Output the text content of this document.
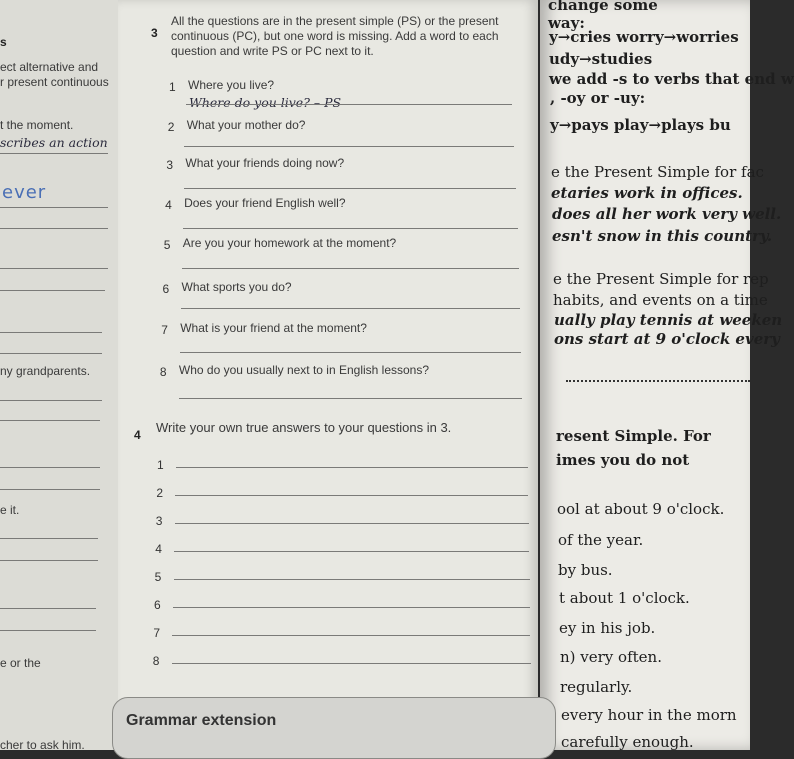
s
ect alternative and
r present continuous
t the moment.
scribes an action
ny grandparents.
e it.
e or the
cher to ask him.
ever
3
All the questions are in the present simple (PS) or the present
continuous (PC), but one word is missing. Add a word to each
question and write PS or PC next to it.
1 Where you live?
Where do you live? – PS
2 What your mother do?
3 What your friends doing now?
4 Does your friend English well?
5 Are you your homework at the moment?
6 What sports you do?
7 What is your friend at the moment?
8 Who do you usually next to in English lessons?
4 Write your own true answers to your questions in 3.
1
2
3
4
5
6
7
8
Grammar extension
change some
way:
y→cries worry→worries
udy→studies
we add -s to verbs that end w
, -oy or -uy:
y→pays play→plays bu
e the Present Simple for fac
etaries work in offices.
does all her work very well.
esn't snow in this country.
e the Present Simple for rep
habits, and events on a time
ually play tennis at weeken
ons start at 9 o'clock every
resent Simple. For
imes you do not
ool at about 9 o'clock.
of the year.
by bus.
t about 1 o'clock.
ey in his job.
n) very often.
regularly.
every hour in the morn
carefully enough.
